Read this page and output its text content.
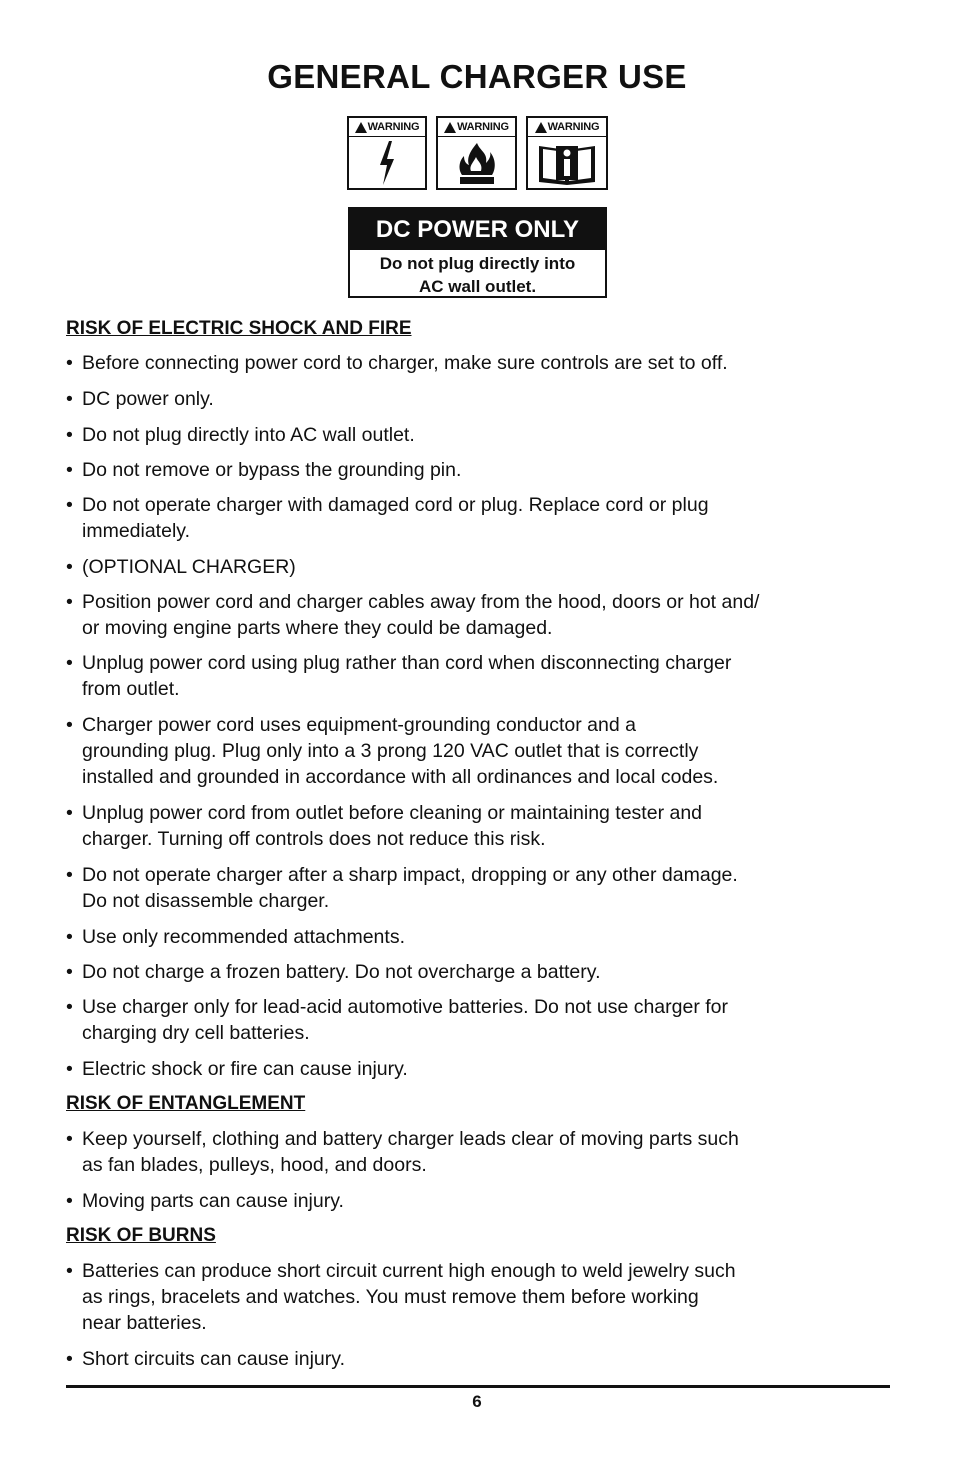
GENERAL CHARGER USE
WARNING	WARNING	WARNING
DC POWER ONLY
Do not plug directly into
AC wall outlet.
RISK OF ELECTRIC SHOCK AND FIRE
• Before connecting power cord to charger, make sure controls are set to off.
• DC power only.
• Do not plug directly into AC wall outlet.
• Do not remove or bypass the grounding pin.
• Do not operate charger with damaged cord or plug. Replace cord or plug
immediately.
• (OPTIONAL CHARGER)
• Position power cord and charger cables away from the hood, doors or hot and/
or moving engine parts where they could be damaged.
• Unplug power cord using plug rather than cord when disconnecting charger
from outlet.
• Charger power cord uses equipment-grounding conductor and a
grounding plug. Plug only into a 3 prong 120 VAC outlet that is correctly
installed and grounded in accordance with all ordinances and local codes.
• Unplug power cord from outlet before cleaning or maintaining tester and
charger. Turning off controls does not reduce this risk.
• Do not operate charger after a sharp impact, dropping or any other damage.
Do not disassemble charger.
• Use only recommended attachments.
• Do not charge a frozen battery. Do not overcharge a battery.
• Use charger only for lead-acid automotive batteries. Do not use charger for
charging dry cell batteries.
• Electric shock or fire can cause injury.
RISK OF ENTANGLEMENT
• Keep yourself, clothing and battery charger leads clear of moving parts such
as fan blades, pulleys, hood, and doors.
• Moving parts can cause injury.
RISK OF BURNS
• Batteries can produce short circuit current high enough to weld jewelry such
as rings, bracelets and watches. You must remove them before working
near batteries.
• Short circuits can cause injury.
6
